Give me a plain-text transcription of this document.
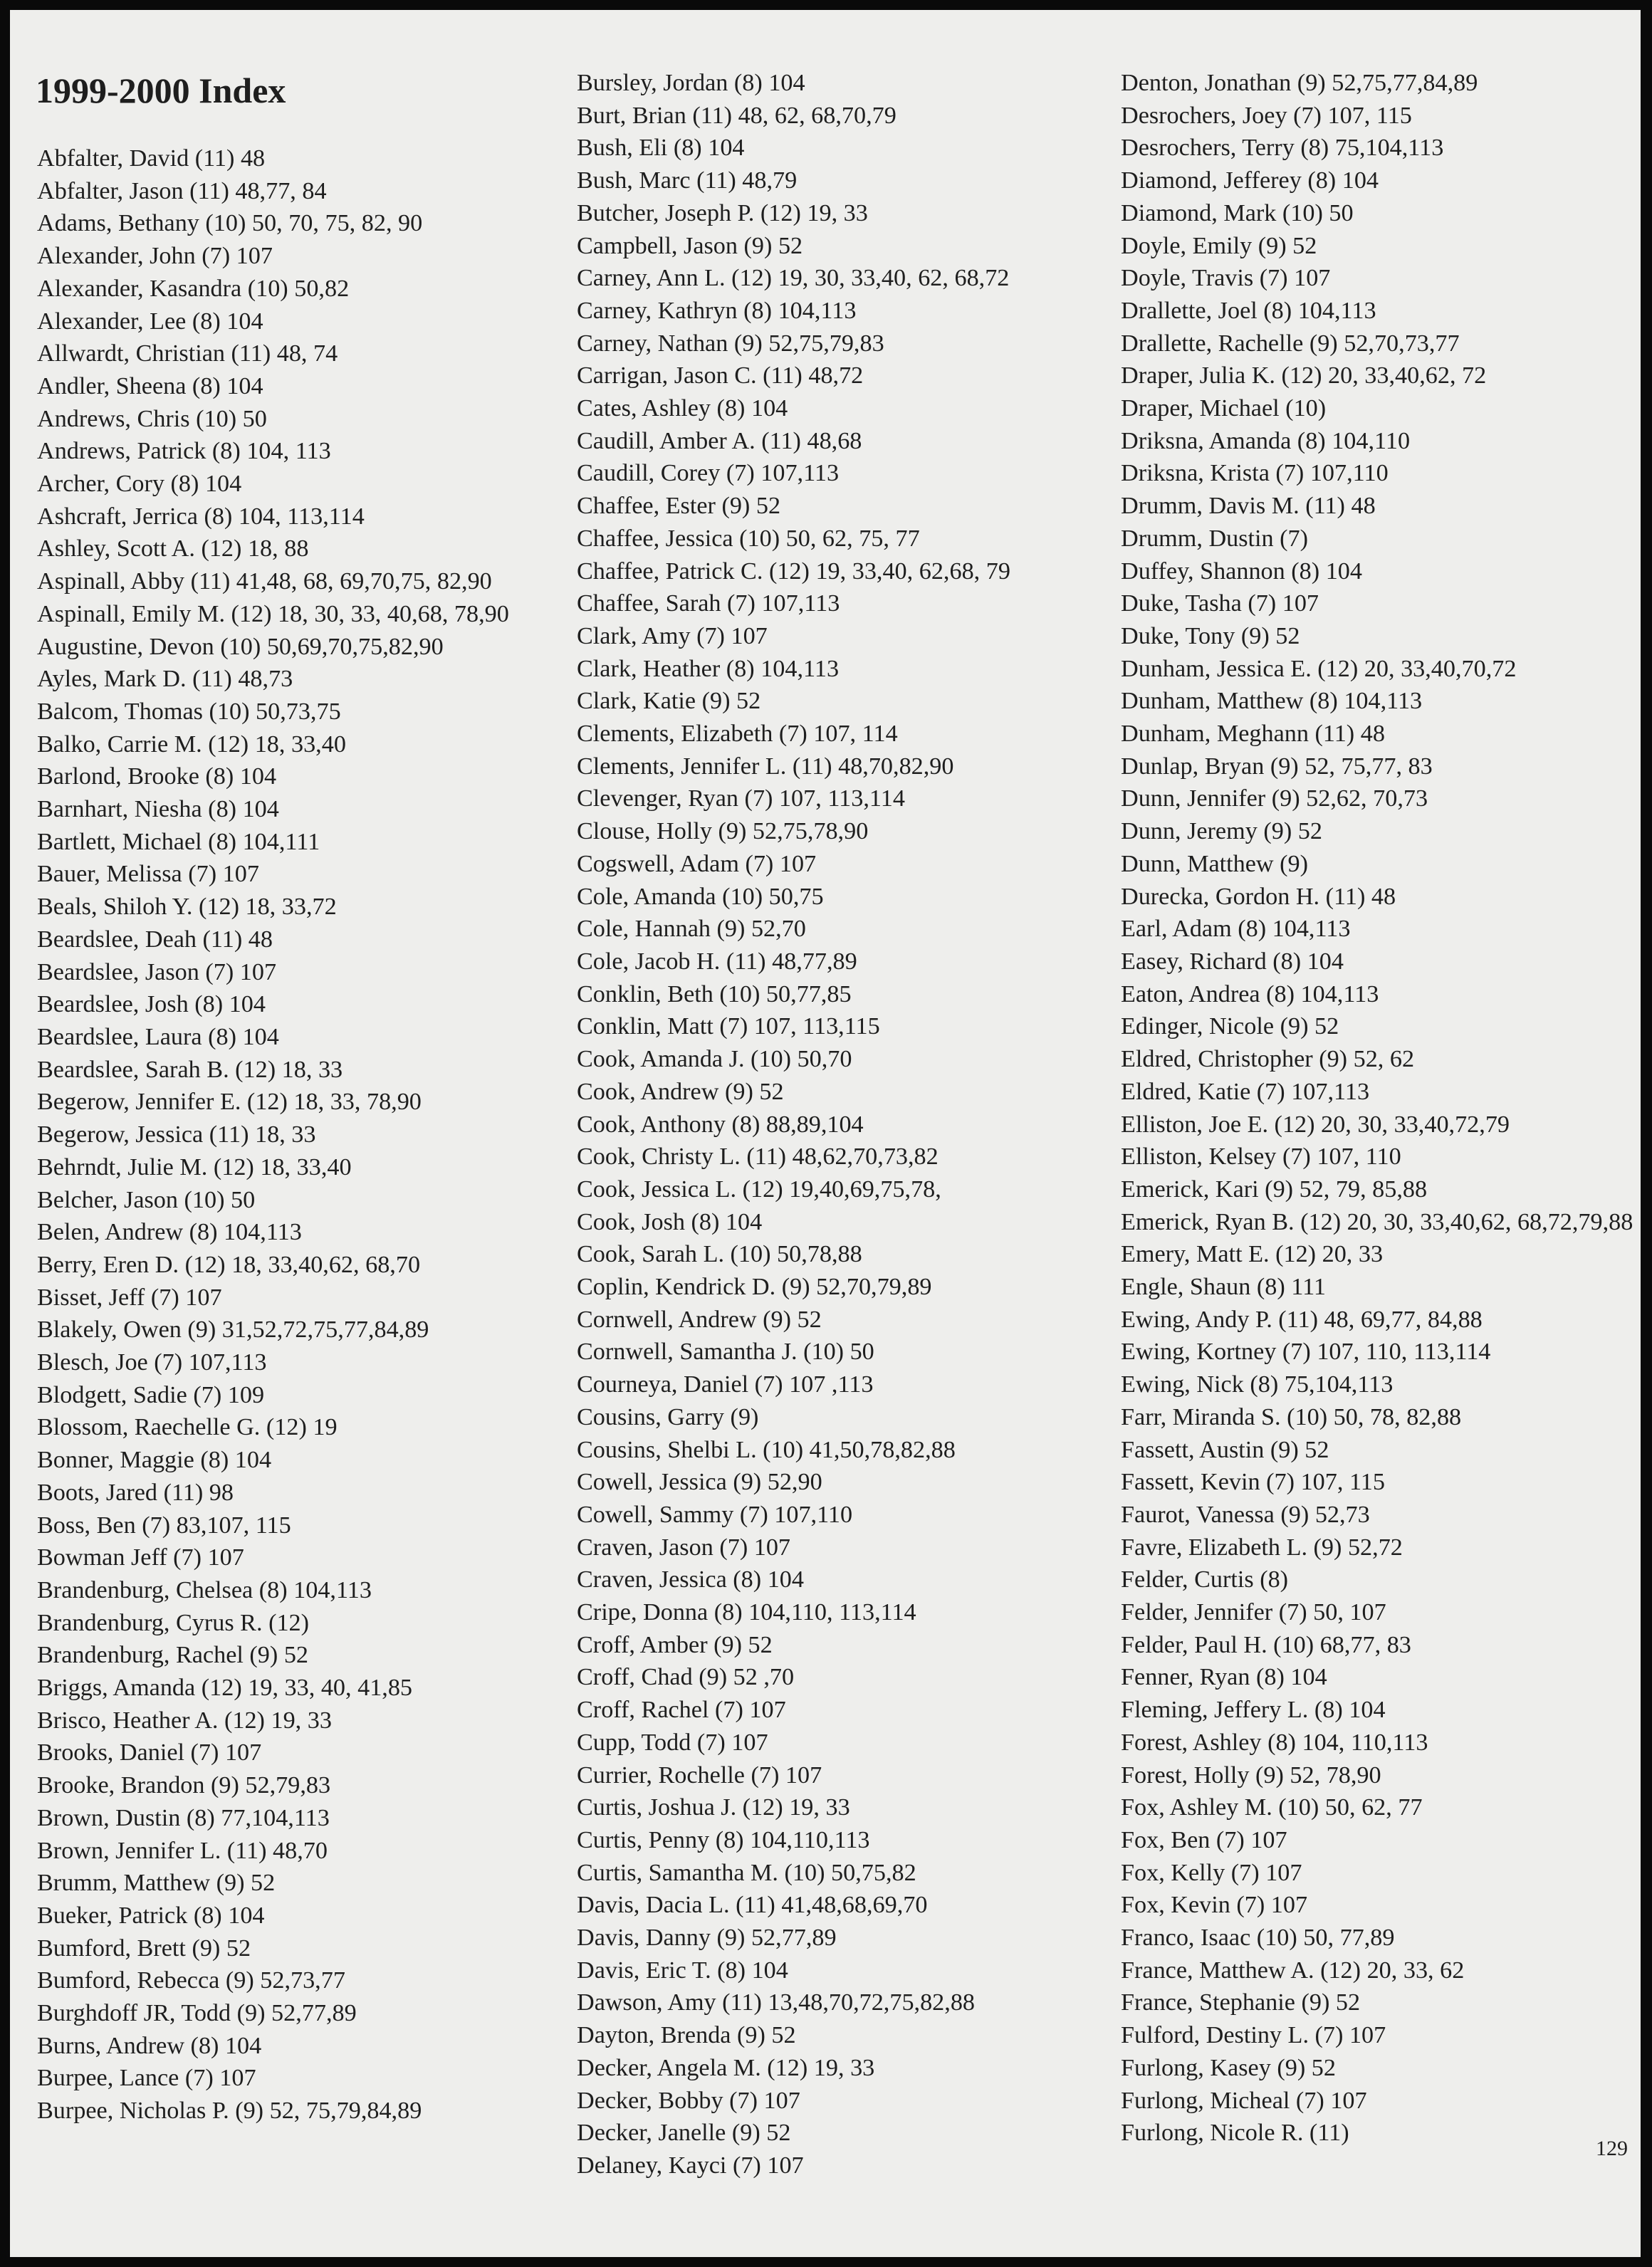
1999-2000 Index
Abfalter, David (11) 48
Abfalter, Jason (11) 48,77, 84
Adams, Bethany (10) 50, 70, 75, 82, 90
Alexander, John (7) 107
Alexander, Kasandra (10) 50,82
Alexander, Lee (8) 104
Allwardt, Christian (11) 48, 74
Andler, Sheena (8) 104
Andrews, Chris (10) 50
Andrews, Patrick (8) 104, 113
Archer, Cory (8) 104
Ashcraft, Jerrica (8) 104, 113,114
Ashley, Scott A. (12) 18, 88
Aspinall, Abby (11) 41,48, 68, 69,70,75, 82,90
Aspinall, Emily M. (12) 18, 30, 33, 40,68, 78,90
Augustine, Devon (10) 50,69,70,75,82,90
Ayles, Mark D. (11) 48,73
Balcom, Thomas (10) 50,73,75
Balko, Carrie M. (12) 18, 33,40
Barlond, Brooke (8) 104
Barnhart, Niesha (8) 104
Bartlett, Michael (8) 104,111
Bauer, Melissa (7) 107
Beals, Shiloh Y. (12) 18, 33,72
Beardslee, Deah (11) 48
Beardslee, Jason (7) 107
Beardslee, Josh (8) 104
Beardslee, Laura (8) 104
Beardslee, Sarah B. (12) 18, 33
Begerow, Jennifer E. (12) 18, 33, 78,90
Begerow, Jessica (11) 18, 33
Behrndt, Julie M. (12) 18, 33,40
Belcher, Jason (10) 50
Belen, Andrew (8) 104,113
Berry, Eren D. (12) 18, 33,40,62, 68,70
Bisset, Jeff (7) 107
Blakely, Owen (9) 31,52,72,75,77,84,89
Blesch, Joe (7) 107,113
Blodgett, Sadie (7) 109
Blossom, Raechelle G. (12) 19
Bonner, Maggie (8) 104
Boots, Jared (11) 98
Boss, Ben (7) 83,107, 115
Bowman Jeff (7) 107
Brandenburg, Chelsea (8) 104,113
Brandenburg, Cyrus R. (12)
Brandenburg, Rachel (9) 52
Briggs, Amanda (12) 19, 33, 40, 41,85
Brisco, Heather A. (12) 19, 33
Brooks, Daniel (7) 107
Brooke, Brandon (9) 52,79,83
Brown, Dustin (8) 77,104,113
Brown, Jennifer L. (11) 48,70
Brumm, Matthew (9) 52
Bueker, Patrick (8) 104
Bumford, Brett (9) 52
Bumford, Rebecca (9) 52,73,77
Burghdoff JR, Todd (9) 52,77,89
Burns, Andrew (8) 104
Burpee, Lance (7) 107
Burpee, Nicholas P. (9) 52, 75,79,84,89
Bursley, Jordan (8) 104
Burt, Brian (11) 48, 62, 68,70,79
Bush, Eli (8) 104
Bush, Marc (11) 48,79
Butcher, Joseph P. (12) 19, 33
Campbell, Jason (9) 52
Carney, Ann L. (12) 19, 30, 33,40, 62, 68,72
Carney, Kathryn (8) 104,113
Carney, Nathan (9) 52,75,79,83
Carrigan, Jason C. (11) 48,72
Cates, Ashley (8) 104
Caudill, Amber A. (11) 48,68
Caudill, Corey (7) 107,113
Chaffee, Ester (9) 52
Chaffee, Jessica (10) 50, 62, 75, 77
Chaffee, Patrick C. (12) 19, 33,40, 62,68, 79
Chaffee, Sarah (7) 107,113
Clark, Amy (7) 107
Clark, Heather (8) 104,113
Clark, Katie (9) 52
Clements, Elizabeth (7) 107, 114
Clements, Jennifer L. (11) 48,70,82,90
Clevenger, Ryan (7) 107, 113,114
Clouse, Holly (9) 52,75,78,90
Cogswell, Adam (7) 107
Cole, Amanda (10) 50,75
Cole, Hannah (9) 52,70
Cole, Jacob H. (11) 48,77,89
Conklin, Beth (10) 50,77,85
Conklin, Matt (7) 107, 113,115
Cook, Amanda J. (10) 50,70
Cook, Andrew (9) 52
Cook, Anthony (8) 88,89,104
Cook, Christy L. (11) 48,62,70,73,82
Cook, Jessica L. (12) 19,40,69,75,78,
Cook, Josh (8) 104
Cook, Sarah L. (10) 50,78,88
Coplin, Kendrick D. (9) 52,70,79,89
Cornwell, Andrew (9) 52
Cornwell, Samantha J. (10) 50
Courneya, Daniel (7) 107 ,113
Cousins, Garry (9)
Cousins, Shelbi L. (10) 41,50,78,82,88
Cowell, Jessica (9) 52,90
Cowell, Sammy (7) 107,110
Craven, Jason (7) 107
Craven, Jessica (8) 104
Cripe, Donna (8) 104,110, 113,114
Croff, Amber (9) 52
Croff, Chad (9) 52 ,70
Croff, Rachel (7) 107
Cupp, Todd (7) 107
Currier, Rochelle (7) 107
Curtis, Joshua J. (12) 19, 33
Curtis, Penny (8) 104,110,113
Curtis, Samantha M. (10) 50,75,82
Davis, Dacia L. (11) 41,48,68,69,70
Davis, Danny (9) 52,77,89
Davis, Eric T. (8) 104
Dawson, Amy (11) 13,48,70,72,75,82,88
Dayton, Brenda (9) 52
Decker, Angela M. (12) 19, 33
Decker, Bobby (7) 107
Decker, Janelle (9) 52
Delaney, Kayci (7) 107
Denton, Jonathan (9) 52,75,77,84,89
Desrochers, Joey (7) 107, 115
Desrochers, Terry (8) 75,104,113
Diamond, Jefferey (8) 104
Diamond, Mark (10) 50
Doyle, Emily (9) 52
Doyle, Travis (7) 107
Drallette, Joel (8) 104,113
Drallette, Rachelle (9) 52,70,73,77
Draper, Julia K. (12) 20, 33,40,62, 72
Draper, Michael (10)
Driksna, Amanda (8) 104,110
Driksna, Krista (7) 107,110
Drumm, Davis M. (11) 48
Drumm, Dustin (7)
Duffey, Shannon (8) 104
Duke, Tasha (7) 107
Duke, Tony (9) 52
Dunham, Jessica E. (12) 20, 33,40,70,72
Dunham, Matthew (8) 104,113
Dunham, Meghann (11) 48
Dunlap, Bryan (9) 52, 75,77, 83
Dunn, Jennifer (9) 52,62, 70,73
Dunn, Jeremy (9) 52
Dunn, Matthew (9)
Durecka, Gordon H. (11) 48
Earl, Adam (8) 104,113
Easey, Richard (8) 104
Eaton, Andrea (8) 104,113
Edinger, Nicole (9) 52
Eldred, Christopher (9) 52, 62
Eldred, Katie (7) 107,113
Elliston, Joe E. (12) 20, 30, 33,40,72,79
Elliston, Kelsey (7) 107, 110
Emerick, Kari (9) 52, 79, 85,88
Emerick, Ryan B. (12) 20, 30, 33,40,62, 68,72,79,88
Emery, Matt E. (12) 20, 33
Engle, Shaun (8) 111
Ewing, Andy P. (11) 48, 69,77, 84,88
Ewing, Kortney (7) 107, 110, 113,114
Ewing, Nick (8) 75,104,113
Farr, Miranda S. (10) 50, 78, 82,88
Fassett, Austin (9) 52
Fassett, Kevin (7) 107, 115
Faurot, Vanessa (9) 52,73
Favre, Elizabeth L. (9) 52,72
Felder, Curtis (8)
Felder, Jennifer (7) 50, 107
Felder, Paul H. (10) 68,77, 83
Fenner, Ryan (8) 104
Fleming, Jeffery L. (8) 104
Forest, Ashley (8) 104, 110,113
Forest, Holly (9) 52, 78,90
Fox, Ashley M. (10) 50, 62, 77
Fox, Ben (7) 107
Fox, Kelly (7) 107
Fox, Kevin (7) 107
Franco, Isaac (10) 50, 77,89
France, Matthew A. (12) 20, 33, 62
France, Stephanie (9) 52
Fulford, Destiny L. (7) 107
Furlong, Kasey (9) 52
Furlong, Micheal (7) 107
Furlong, Nicole R. (11)
129
